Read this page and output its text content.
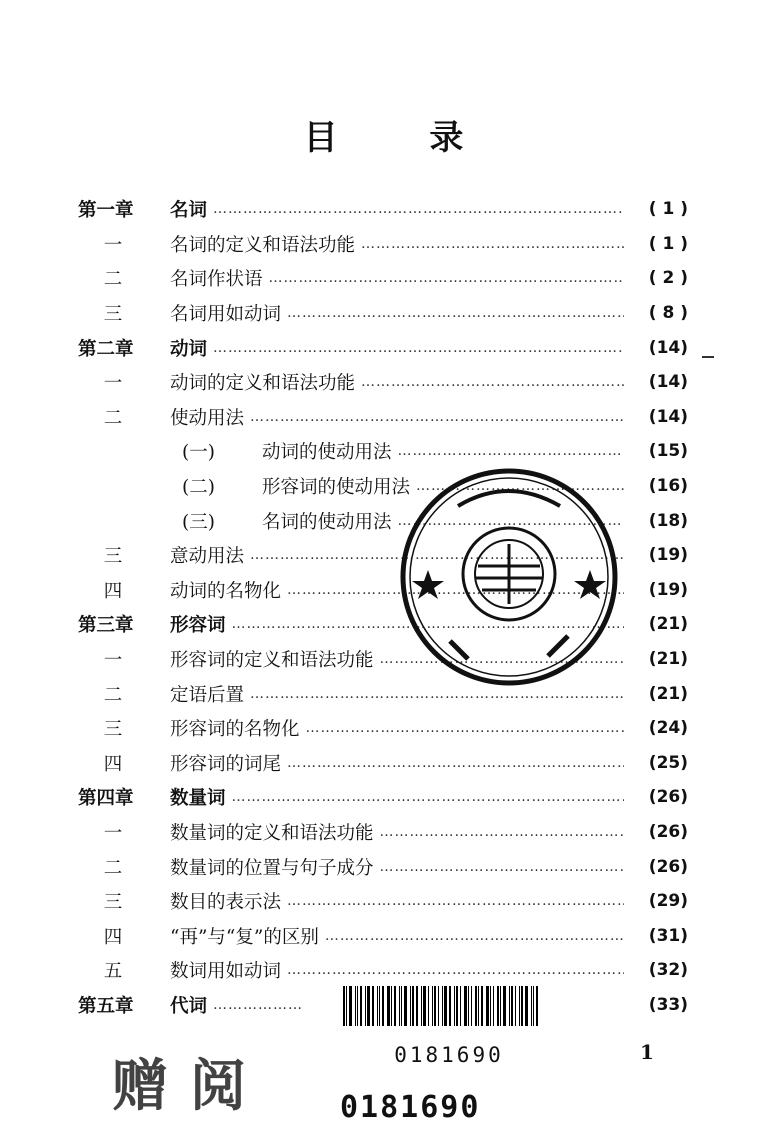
目 录
第一章	名词 ………………………………………………………………………………………………………………………………………………………………………………	( 1 )
一	名词的定义和语法功能 ………………………………………………………………………………………………………………………………………………………………………………	( 1 )
二	名词作状语 ………………………………………………………………………………………………………………………………………………………………………………	( 2 )
三	名词用如动词 ………………………………………………………………………………………………………………………………………………………………………………	( 8 )
第二章	动词 ………………………………………………………………………………………………………………………………………………………………………………	(14)
一	动词的定义和语法功能 ………………………………………………………………………………………………………………………………………………………………………………	(14)
二	使动用法 ………………………………………………………………………………………………………………………………………………………………………………	(14)
(一)	动词的使动用法 ………………………………………………………………………………………………………………………………………………………………………………	(15)
(二)	形容词的使动用法 ………………………………………………………………………………………………………………………………………………………………………………	(16)
(三)	名词的使动用法 ………………………………………………………………………………………………………………………………………………………………………………	(18)
三	意动用法 ………………………………………………………………………………………………………………………………………………………………………………	(19)
四	动词的名物化 ………………………………………………………………………………………………………………………………………………………………………………	(19)
第三章	形容词 ………………………………………………………………………………………………………………………………………………………………………………	(21)
一	形容词的定义和语法功能 ………………………………………………………………………………………………………………………………………………………………………………	(21)
二	定语后置 ………………………………………………………………………………………………………………………………………………………………………………	(21)
三	形容词的名物化 ………………………………………………………………………………………………………………………………………………………………………………	(24)
四	形容词的词尾 ………………………………………………………………………………………………………………………………………………………………………………	(25)
第四章	数量词 ………………………………………………………………………………………………………………………………………………………………………………	(26)
一	数量词的定义和语法功能 ………………………………………………………………………………………………………………………………………………………………………………	(26)
二	数量词的位置与句子成分 ………………………………………………………………………………………………………………………………………………………………………………	(26)
三	数目的表示法 ………………………………………………………………………………………………………………………………………………………………………………	(29)
四	“再”与“复”的区别 ………………………………………………………………………………………………………………………………………………………………………………	(31)
五	数词用如动词 ………………………………………………………………………………………………………………………………………………………………………………	(32)
第五章	代词 ………………………………………………………………………………………………………………………………………………………………………………	(33)
0181690	1
赠阅 0181690
